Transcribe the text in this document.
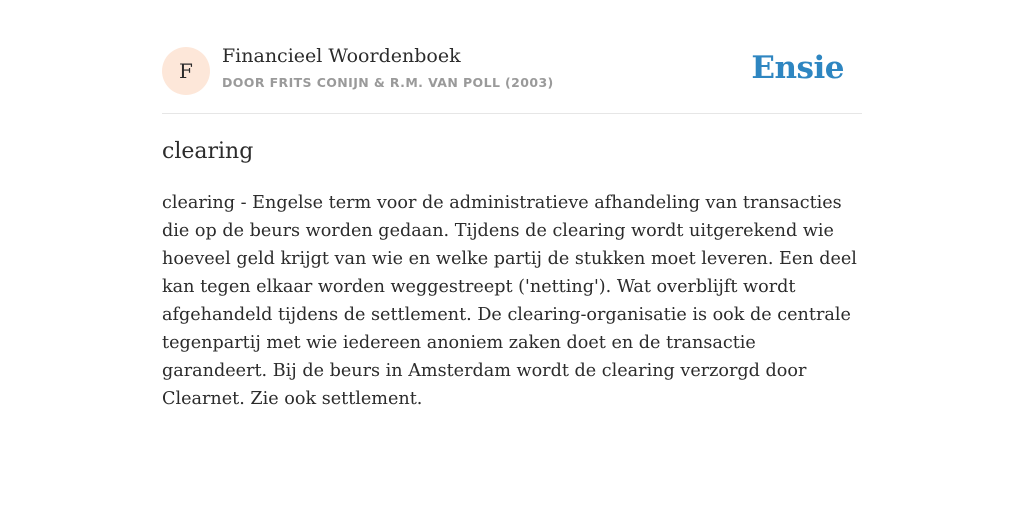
F
Financieel Woordenboek
DOOR FRITS CONIJN & R.M. VAN POLL (2003)	Ensie
clearing

clearing - Engelse term voor de administratieve afhandeling van transacties die op de beurs worden gedaan. Tijdens de clearing wordt uitgerekend wie hoeveel geld krijgt van wie en welke partij de stukken moet leveren. Een deel kan tegen elkaar worden weggestreept ('netting'). Wat overblijft wordt afgehandeld tijdens de settlement. De clearing-organisatie is ook de centrale tegenpartij met wie iedereen anoniem zaken doet en de transactie garandeert. Bij de beurs in Amsterdam wordt de clearing verzorgd door Clearnet. Zie ook settlement.
